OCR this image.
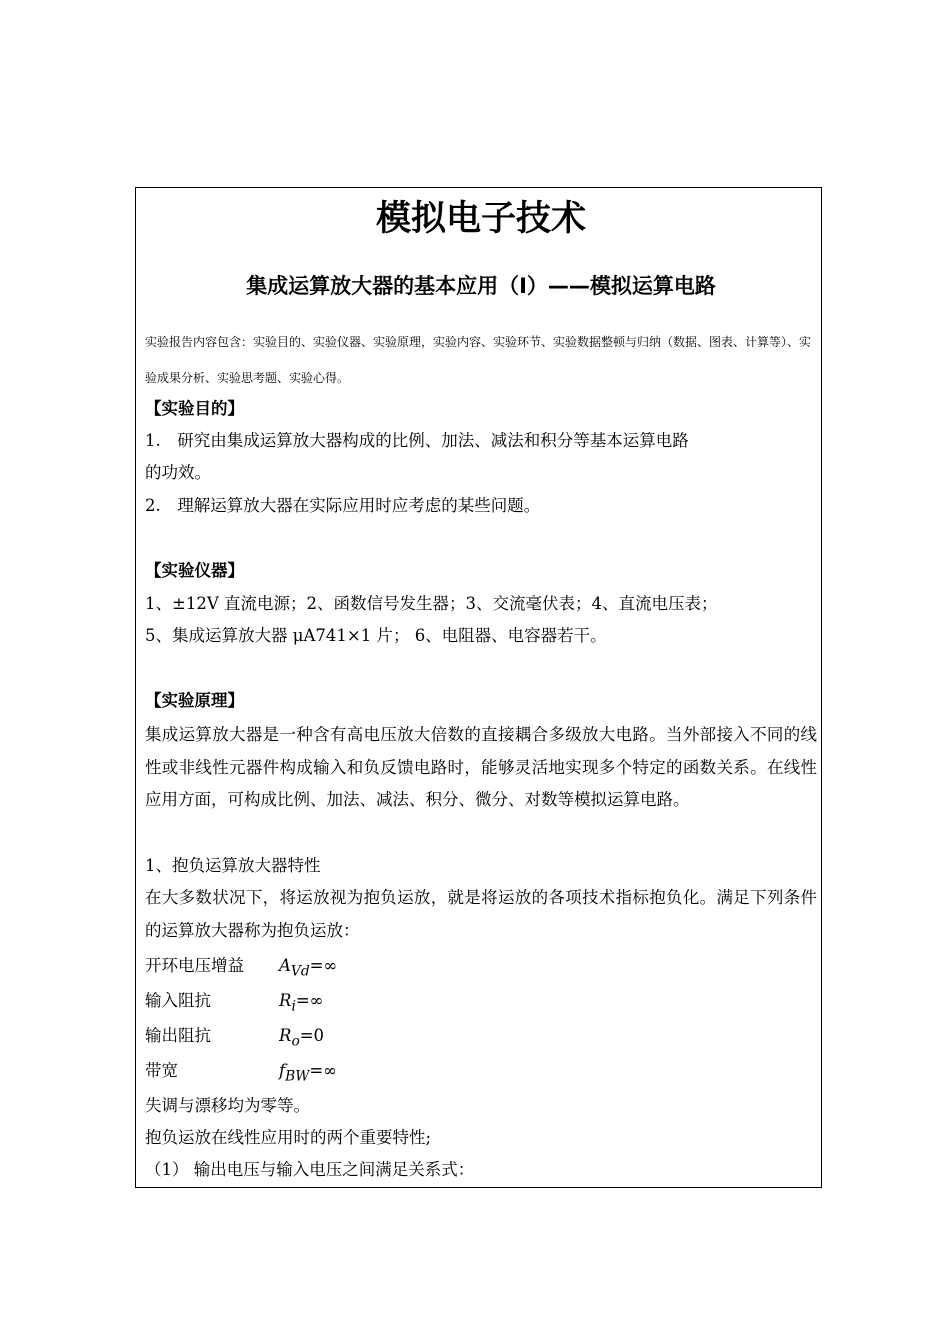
模拟电子技术
集成运算放大器的基本应用（Ⅰ）——模拟运算电路
实验报告内容包含：实验目的、实验仪器、实验原理，实验内容、实验环节、实验数据整顿与归纳（数据、图表、计算等）、实验成果分析、实验思考题、实验心得。
【实验目的】
1.　研究由集成运算放大器构成的比例、加法、减法和积分等基本运算电路
的功效。
2.　理解运算放大器在实际应用时应考虑的某些问题。
【实验仪器】
1、±12V 直流电源；2、函数信号发生器；3、交流毫伏表；4、直流电压表；
5、集成运算放大器 μA741×1 片； 6、电阻器、电容器若干。
【实验原理】
集成运算放大器是一种含有高电压放大倍数的直接耦合多级放大电路。当外部接入不同的线性或非线性元器件构成输入和负反馈电路时，能够灵活地实现多个特定的函数关系。在线性应用方面，可构成比例、加法、减法、积分、微分、对数等模拟运算电路。
1、抱负运算放大器特性
在大多数状况下，将运放视为抱负运放，就是将运放的各项技术指标抱负化。满足下列条件的运算放大器称为抱负运放：
开环电压增益 $A_{Vd}=\infty$
输入阻抗	$R_i=\infty$
输出阻抗	$R_o=0$
带宽	$f_{BW}=\infty$
失调与漂移均为零等。
抱负运放在线性应用时的两个重要特性;
（1） 输出电压与输入电压之间满足关系式：
